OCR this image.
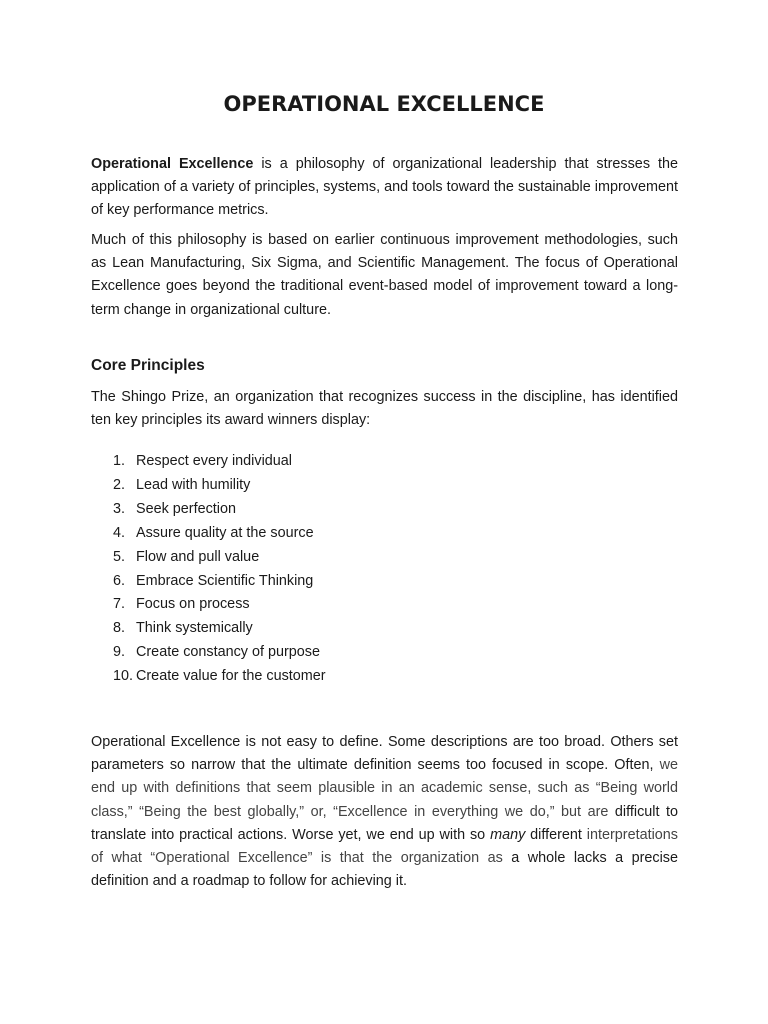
OPERATIONAL EXCELLENCE

Operational Excellence is a philosophy of organizational leadership that stresses the application of a variety of principles, systems, and tools toward the sustainable improvement of key performance metrics.

Much of this philosophy is based on earlier continuous improvement methodologies, such as Lean Manufacturing, Six Sigma, and Scientific Management. The focus of Operational Excellence goes beyond the traditional event-based model of improvement toward a long-term change in organizational culture.

Core Principles

The Shingo Prize, an organization that recognizes success in the discipline, has identified ten key principles its award winners display:

1. Respect every individual
2. Lead with humility
3. Seek perfection
4. Assure quality at the source
5. Flow and pull value
6. Embrace Scientific Thinking
7. Focus on process
8. Think systemically
9. Create constancy of purpose
10. Create value for the customer

Operational Excellence is not easy to define. Some descriptions are too broad. Others set parameters so narrow that the ultimate definition seems too focused in scope. Often, we end up with definitions that seem plausible in an academic sense, such as “Being world class,” “Being the best globally,” or, “Excellence in everything we do,” but are difficult to translate into practical actions. Worse yet, we end up with so many different interpretations of what “Operational Excellence” is that the organization as a whole lacks a precise definition and a roadmap to follow for achieving it.
